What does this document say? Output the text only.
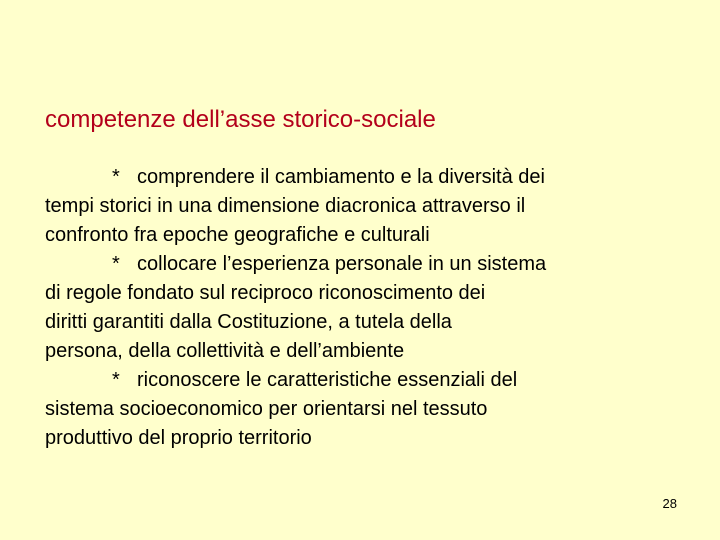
competenze dell’asse storico-sociale
* comprendere il cambiamento e la diversità dei
tempi storici in una dimensione diacronica attraverso il
confronto fra epoche geografiche e culturali
* collocare l’esperienza personale in un sistema
di regole fondato sul reciproco riconoscimento dei
diritti garantiti dalla Costituzione, a tutela della
persona, della collettività e dell’ambiente
* riconoscere le caratteristiche essenziali del
sistema socioeconomico per orientarsi nel tessuto
produttivo del proprio territorio
28
